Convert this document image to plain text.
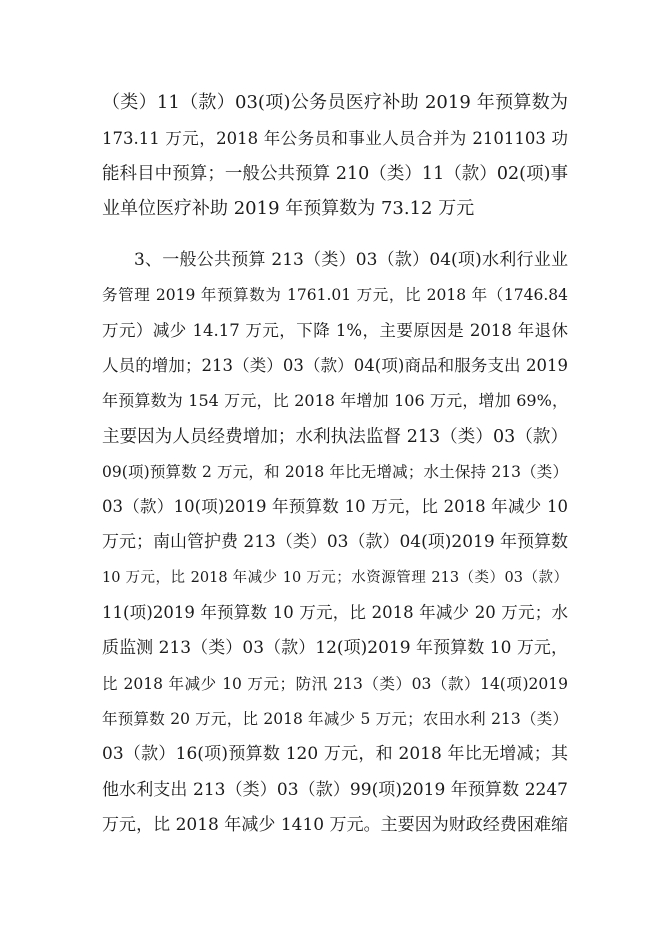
（类）11（款）03(项)公务员医疗补助 2019 年预算数为
173.11 万元，2018 年公务员和事业人员合并为 2101103 功
能科目中预算；一般公共预算 210（类）11（款）02(项)事
业单位医疗补助 2019 年预算数为 73.12 万元
3、一般公共预算 213（类）03（款）04(项)水利行业业
务管理 2019 年预算数为 1761.01 万元，比 2018 年（1746.84
万元）减少 14.17 万元，下降 1%，主要原因是 2018 年退休
人员的增加；213（类）03（款）04(项)商品和服务支出 2019
年预算数为 154 万元，比 2018 年增加 106 万元，增加 69%，
主要因为人员经费增加；水利执法监督 213（类）03（款）
09(项)预算数 2 万元，和 2018 年比无增减；水土保持 213（类）
03（款）10(项)2019 年预算数 10 万元，比 2018 年减少 10
万元；南山管护费 213（类）03（款）04(项)2019 年预算数
10 万元，比 2018 年减少 10 万元；水资源管理 213（类）03（款）
11(项)2019 年预算数 10 万元，比 2018 年减少 20 万元；水
质监测 213（类）03（款）12(项)2019 年预算数 10 万元，
比 2018 年减少 10 万元；防汛 213（类）03（款）14(项)2019
年预算数 20 万元，比 2018 年减少 5 万元；农田水利 213（类）
03（款）16(项)预算数 120 万元，和 2018 年比无增减；其
他水利支出 213（类）03（款）99(项)2019 年预算数 2247
万元，比 2018 年减少 1410 万元。主要因为财政经费困难缩
